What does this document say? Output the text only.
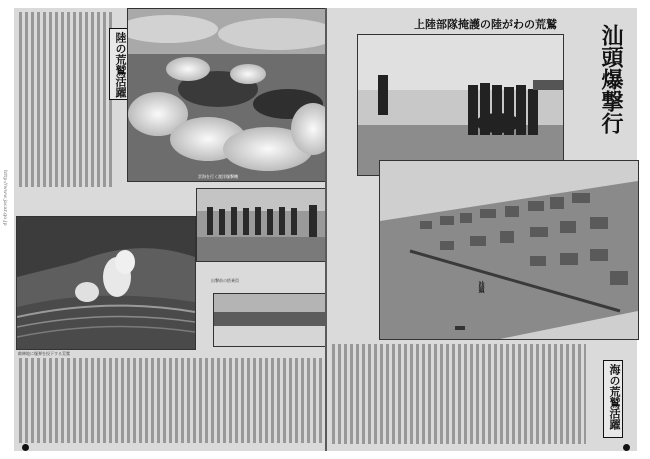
陸の荒鷲活躍
雲海を行く渡洋爆撃機
敵陣地に爆弾を投下する荒鷲
出撃前の搭乗員
上陸部隊掩護の陸がわの荒鷲 汕頭爆撃行
汕頭
海の荒鷲活躍
http://www.jacar.go.jp
